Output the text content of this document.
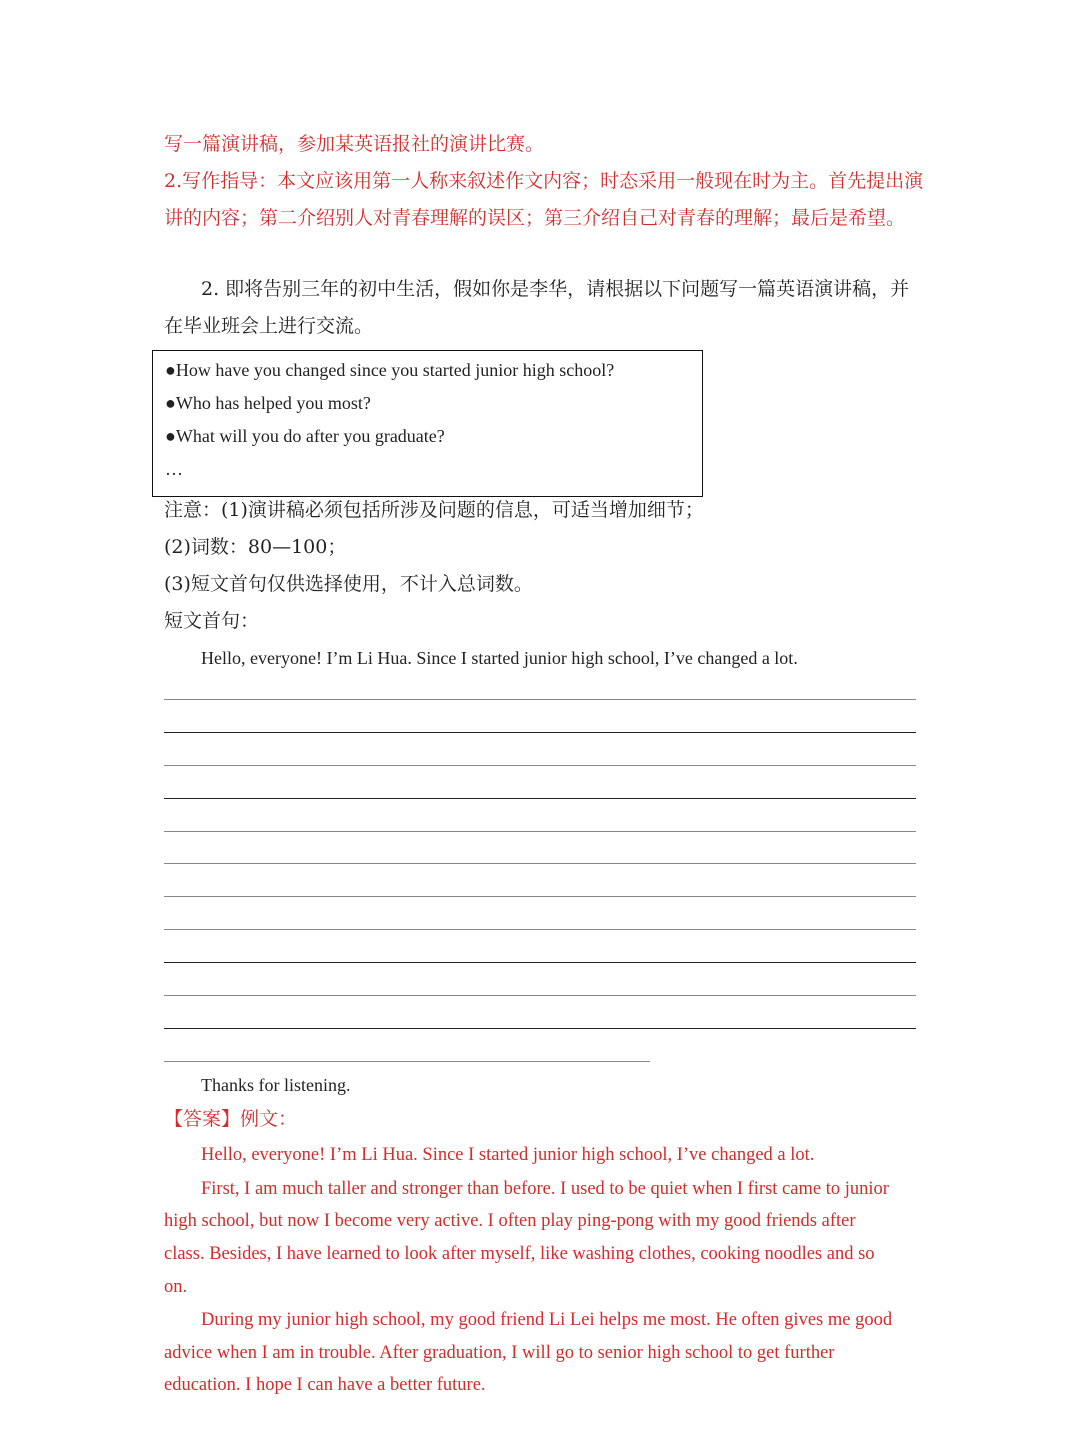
写一篇演讲稿，参加某英语报社的演讲比赛。
2.写作指导：本文应该用第一人称来叙述作文内容；时态采用一般现在时为主。首先提出演
讲的内容；第二介绍别人对青春理解的误区；第三介绍自己对青春的理解；最后是希望。
2. 即将告别三年的初中生活，假如你是李华，请根据以下问题写一篇英语演讲稿，并
在毕业班会上进行交流。
●How have you changed since you started junior high school?
●Who has helped you most?
●What will you do after you graduate?
…
注意：(1)演讲稿必须包括所涉及问题的信息，可适当增加细节；
(2)词数：80—100；
(3)短文首句仅供选择使用，不计入总词数。
短文首句：
Hello, everyone! I’m Li Hua. Since I started junior high school, I’ve changed a lot.
Thanks for listening.
【答案】例文：
Hello, everyone! I’m Li Hua. Since I started junior high school, I’ve changed a lot.
First, I am much taller and stronger than before. I used to be quiet when I first came to junior
high school, but now I become very active. I often play ping-pong with my good friends after
class. Besides, I have learned to look after myself, like washing clothes, cooking noodles and so
on.
During my junior high school, my good friend Li Lei helps me most. He often gives me good
advice when I am in trouble. After graduation, I will go to senior high school to get further
education. I hope I can have a better future.
